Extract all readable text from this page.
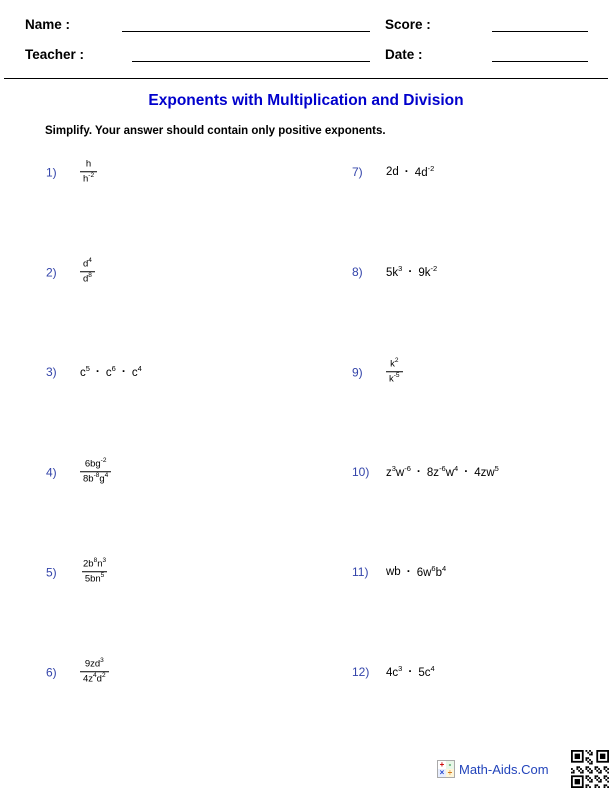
Name :	Score :
Teacher :	Date :
Exponents with Multiplication and Division
Simplify. Your answer should contain only positive exponents.
1)	$\frac{h}{h^{-2}}$
2)	$\frac{d^4}{d^8}$
3)	$c^5 \cdot c^6 \cdot c^4$
4)	$\frac{6bg^{-2}}{8b^{-8}g^4}$
5)	$\frac{2b^8n^3}{5bn^5}$
6)	$\frac{9zd^3}{4z^4d^2}$
7)	$2d \cdot 4d^{-2}$
8)	$5k^3 \cdot 9k^{-2}$
9)	$\frac{k^2}{k^{-5}}$
10)	$z^3$ $w^{-6} \cdot 8z^{-6}$ $w^4 \cdot 4zw^5$
11)	wb · $6w^6$ $b^4$
12)	$4c^3 \cdot 5c^4$
+ -
× ÷ Math-Aids.Com
